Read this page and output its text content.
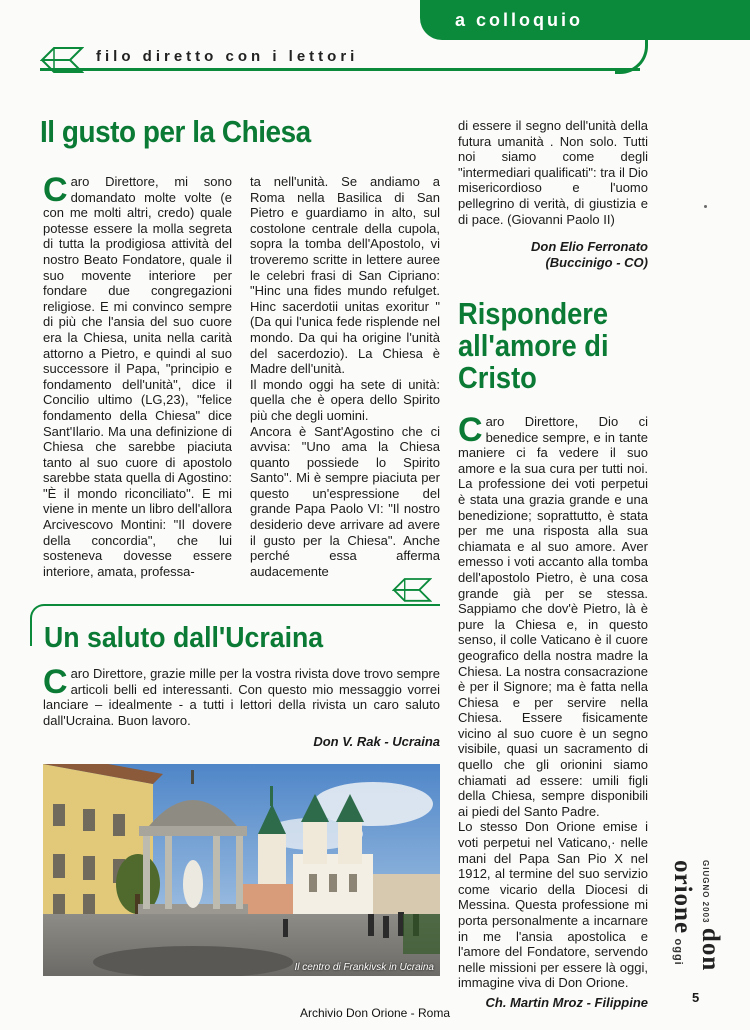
a colloquio
filo diretto con i lettori
Il gusto per la Chiesa

Caro Direttore, mi sono domandato molte volte (e con me molti altri, credo) quale potesse essere la molla segreta di tutta la prodigiosa attività del nostro Beato Fondatore, quale il suo movente interiore per fondare due congregazioni religiose. E mi convinco sempre di più che l'ansia del suo cuore era la Chiesa, unita nella carità attorno a Pietro, e quindi al suo successore il Papa, "principio e fondamento dell'unità", dice il Concilio ultimo (LG,23), "felice fondamento della Chiesa" dice Sant'Ilario. Ma una definizione di Chiesa che sarebbe piaciuta tanto al suo cuore di apostolo sarebbe stata quella di Agostino: "È il mondo riconciliato". E mi viene in mente un libro dell'allora Arcivescovo Montini: "Il dovere della concordia", che lui sosteneva dovesse essere interiore, amata, professa-

ta nell'unità. Se andiamo a Roma nella Basilica di San Pietro e guardiamo in alto, sul costolone centrale della cupola, sopra la tomba dell'Apostolo, vi troveremo scritte in lettere auree le celebri frasi di San Cipriano: "Hinc una fides mundo refulget. Hinc sacerdotii unitas exoritur "(Da qui l'unica fede risplende nel mondo. Da qui ha origine l'unità del sacerdozio). La Chiesa è Madre dell'unità.

Il mondo oggi ha sete di unità: quella che è opera dello Spirito più che degli uomini.

Ancora è Sant'Agostino che ci avvisa: "Uno ama la Chiesa quanto possiede lo Spirito Santo". Mi è sempre piaciuta per questo un'espressione del grande Papa Paolo VI: "Il nostro desiderio deve arrivare ad avere il gusto per la Chiesa". Anche perché essa afferma audacemente

di essere il segno dell'unità della futura umanità . Non solo. Tutti noi siamo come degli "intermediari qualificati": tra il Dio misericordioso e l'uomo pellegrino di verità, di giustizia e di pace. (Giovanni Paolo II)

Don Elio Ferronato

(Buccinigo - CO)

Rispondere all'amore di Cristo

Caro Direttore, Dio ci benedice sempre, e in tante maniere ci fa vedere il suo amore e la sua cura per tutti noi. La professione dei voti perpetui è stata una grazia grande e una benedizione; soprattutto, è stata per me una risposta alla sua chiamata e al suo amore. Aver emesso i voti accanto alla tomba dell'apostolo Pietro, è una cosa grande già per se stessa. Sappiamo che dov'è Pietro, là è pure la Chiesa e, in questo senso, il colle Vaticano è il cuore geografico della nostra madre la Chiesa. La nostra consacrazione è per il Signore; ma è fatta nella Chiesa e per servire nella Chiesa. Essere fisicamente vicino al suo cuore è un segno visibile, quasi un sacramento di quello che gli orionini siamo chiamati ad essere: umili figli della Chiesa, sempre disponibili ai piedi del Santo Padre.

Lo stesso Don Orione emise i voti perpetui nel Vaticano,· nelle mani del Papa San Pio X nel 1912, al termine del suo servizio come vicario della Diocesi di Messina. Questa professione mi porta personalmente a incarnare in me l'ansia apostolica e l'amore del Fondatore, servendo nelle missioni per essere là oggi, immagine viva di Don Orione.

Ch. Martin Mroz - Filippine

Un saluto dall'Ucraina

Caro Direttore, grazie mille per la vostra rivista dove trovo sempre articoli belli ed interessanti. Con questo mio messaggio vorrei lanciare – idealmente - a tutti i lettori della rivista un caro saluto dall'Ucraina. Buon lavoro.

Don V. Rak - Ucraina

Il centro di Frankivsk in Ucraina
GIUGNO 2003 don orione oggi
5
Archivio Don Orione - Roma
